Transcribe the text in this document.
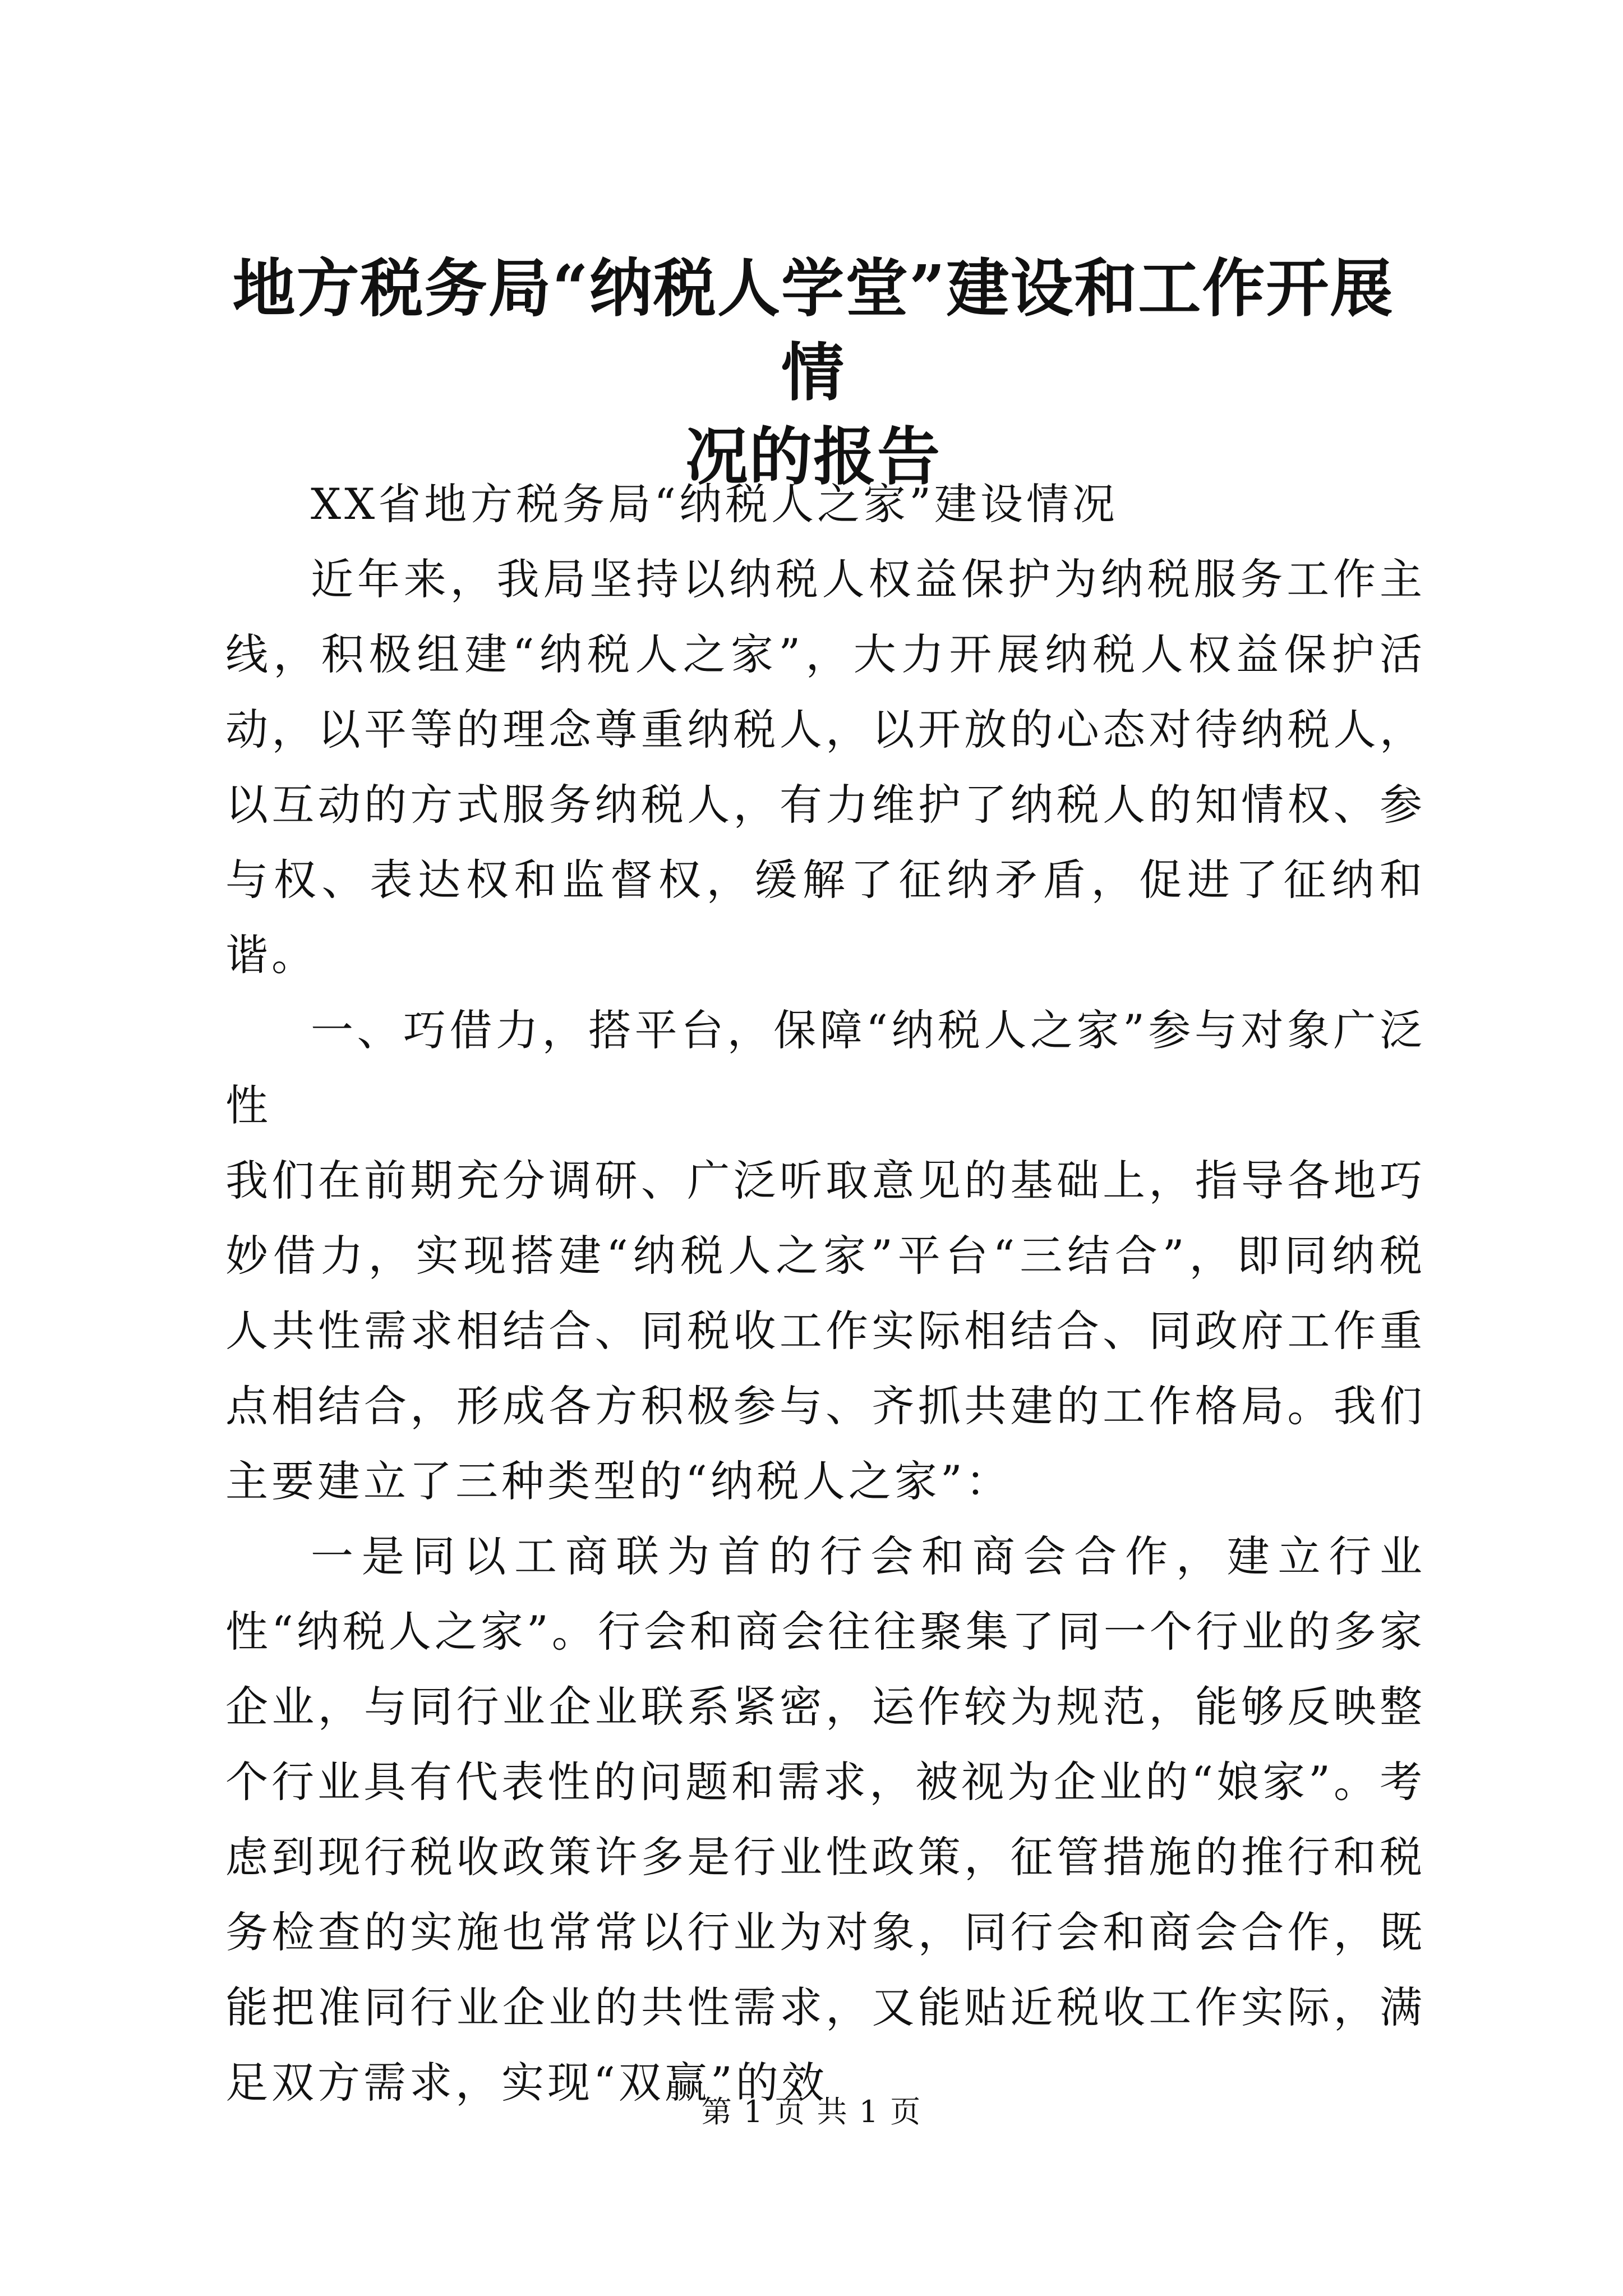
地方税务局“纳税人学堂”建设和工作开展情
况的报告

XX省地方税务局“纳税人之家”建设情况

近年来，我局坚持以纳税人权益保护为纳税服务工作主线，积极组建“纳税人之家”，大力开展纳税人权益保护活动，以平等的理念尊重纳税人，以开放的心态对待纳税人，以互动的方式服务纳税人，有力维护了纳税人的知情权、参与权、表达权和监督权，缓解了征纳矛盾，促进了征纳和谐。

一、巧借力，搭平台，保障“纳税人之家”参与对象广泛性

我们在前期充分调研、广泛听取意见的基础上，指导各地巧妙借力，实现搭建“纳税人之家”平台“三结合”，即同纳税人共性需求相结合、同税收工作实际相结合、同政府工作重点相结合，形成各方积极参与、齐抓共建的工作格局。我们主要建立了三种类型的“纳税人之家”：

一是同以工商联为首的行会和商会合作，建立行业性“纳税人之家”。行会和商会往往聚集了同一个行业的多家企业，与同行业企业联系紧密，运作较为规范，能够反映整个行业具有代表性的问题和需求，被视为企业的“娘家”。考虑到现行税收政策许多是行业性政策，征管措施的推行和税务检查的实施也常常以行业为对象，同行会和商会合作，既能把准同行业企业的共性需求，又能贴近税收工作实际，满足双方需求，实现“双赢”的效

第 1 页 共 1 页
